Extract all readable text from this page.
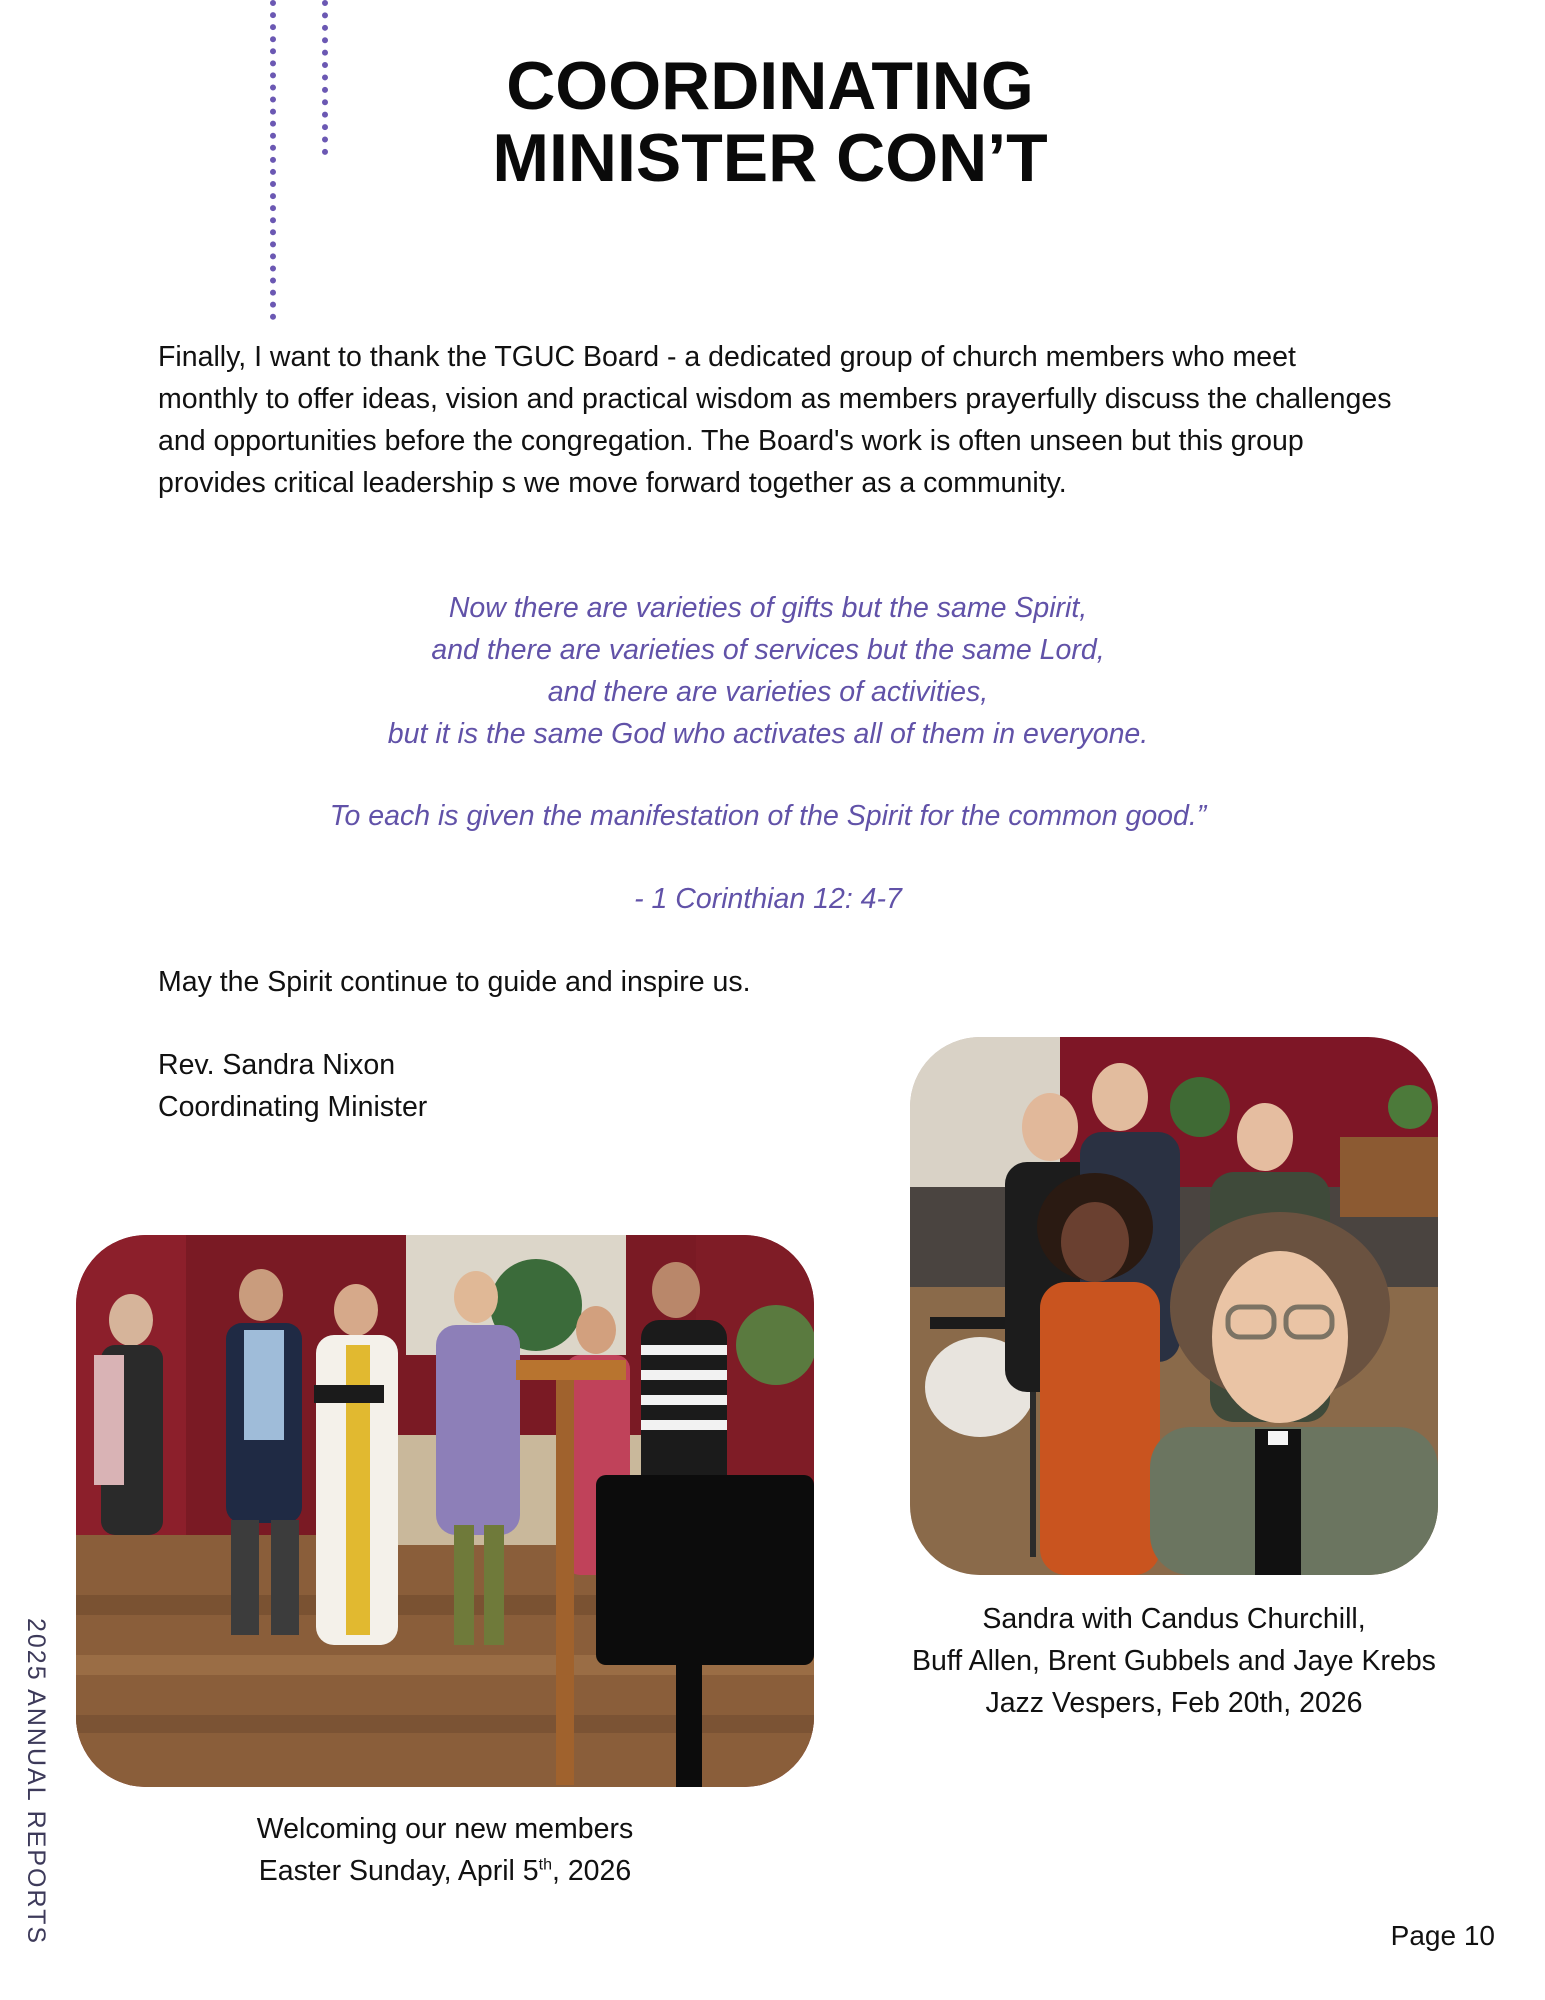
COORDINATING
MINISTER CON’T

Finally, I want to thank the TGUC Board - a dedicated group of church members who meet monthly to offer ideas, vision and practical wisdom as members prayerfully discuss the challenges and opportunities before the congregation. The Board's work is often unseen but this group provides critical leadership s we move forward together as a community.

Now there are varieties of gifts but the same Spirit,
and there are varieties of services but the same Lord,
and there are varieties of activities,
but it is the same God who activates all of them in everyone.

To each is given the manifestation of the Spirit for the common good.”

- 1 Corinthian 12: 4-7

May the Spirit continue to guide and inspire us.

Rev. Sandra Nixon
Coordinating Minister
Welcoming our new members
Easter Sunday, April 5th, 2026
Sandra with Candus Churchill,
Buff Allen, Brent Gubbels and Jaye Krebs
Jazz Vespers, Feb 20th, 2026
2025 ANNUAL REPORTS	Page 10
